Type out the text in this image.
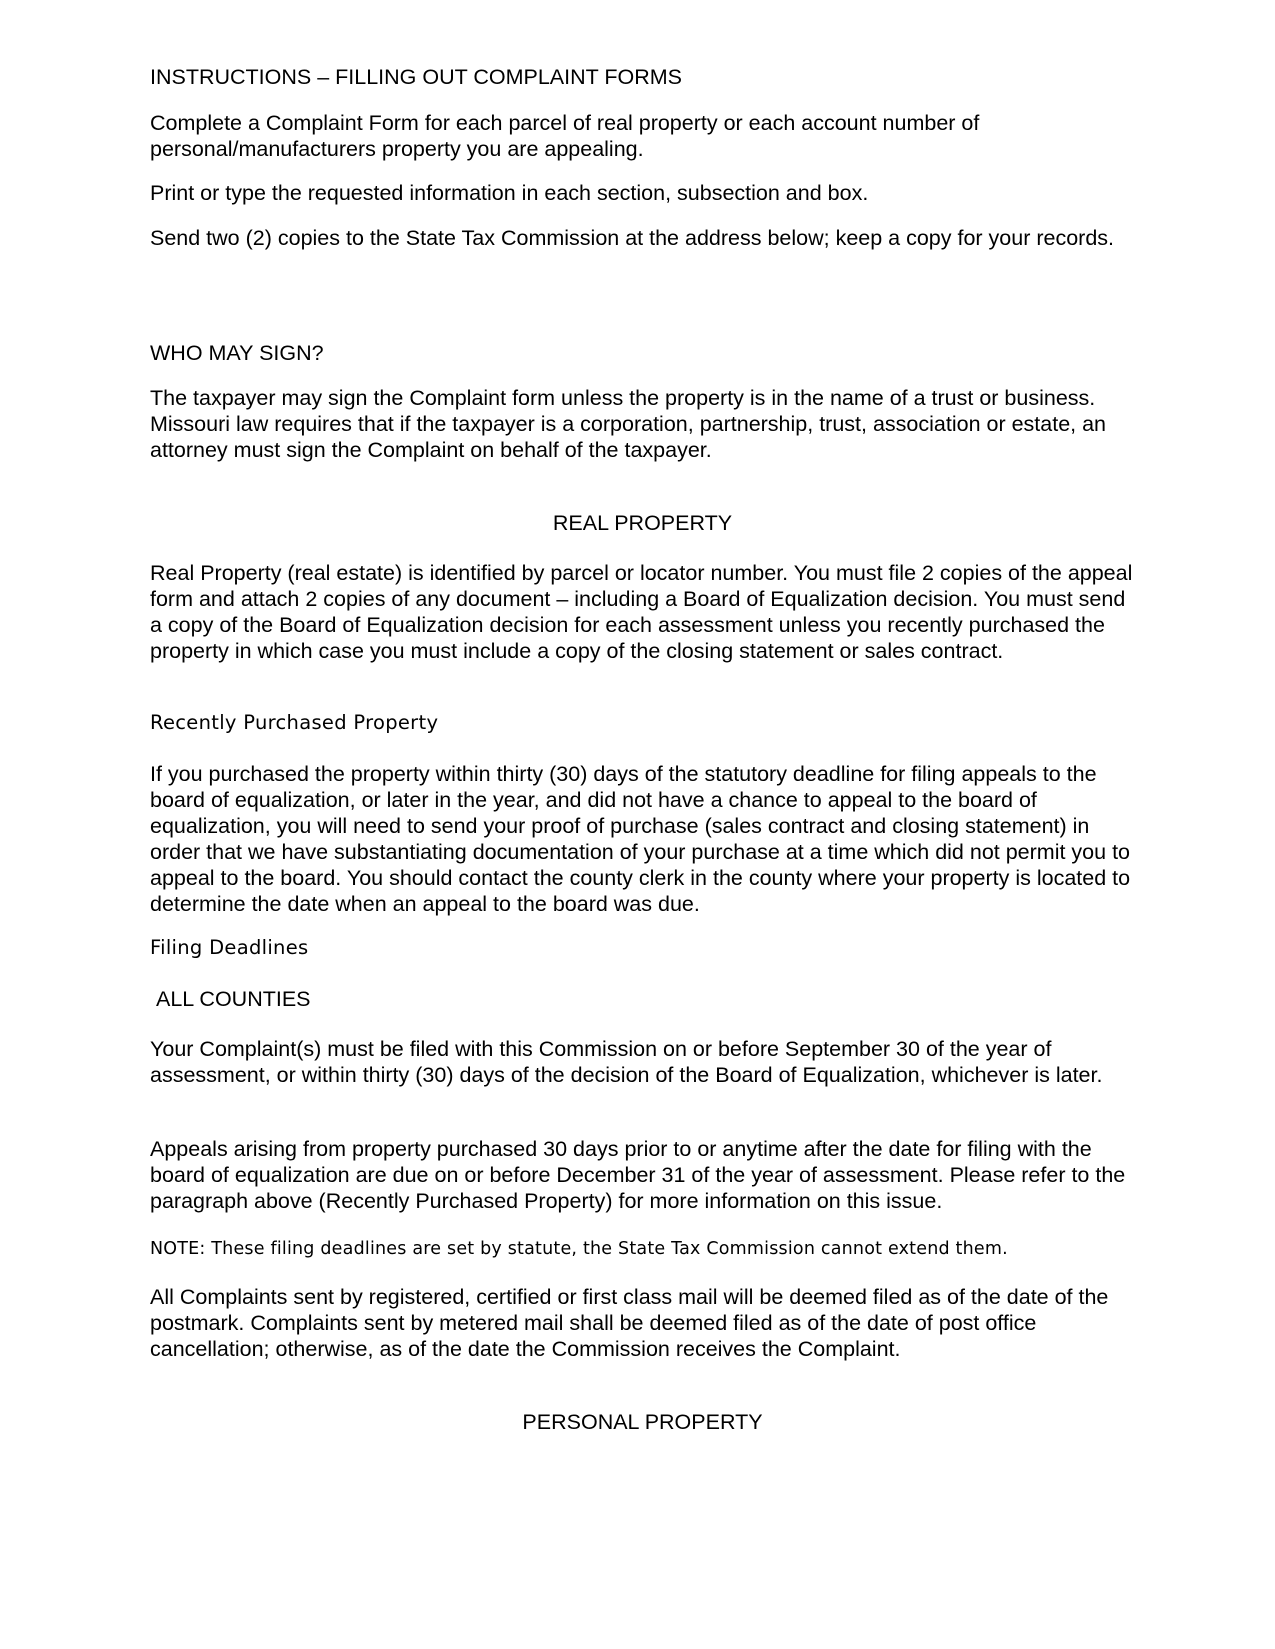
INSTRUCTIONS – FILLING OUT COMPLAINT FORMS

Complete a Complaint Form for each parcel of real property or each account number of personal/manufacturers property you are appealing.

Print or type the requested information in each section, subsection and box.

Send two (2) copies to the State Tax Commission at the address below; keep a copy for your records.

WHO MAY SIGN?

The taxpayer may sign the Complaint form unless the property is in the name of a trust or business. Missouri law requires that if the taxpayer is a corporation, partnership, trust, association or estate, an attorney must sign the Complaint on behalf of the taxpayer.

REAL PROPERTY

Real Property (real estate) is identified by parcel or locator number. You must file 2 copies of the appeal form and attach 2 copies of any document – including a Board of Equalization decision. You must send a copy of the Board of Equalization decision for each assessment unless you recently purchased the property in which case you must include a copy of the closing statement or sales contract.

Recently Purchased Property

If you purchased the property within thirty (30) days of the statutory deadline for filing appeals to the board of equalization, or later in the year, and did not have a chance to appeal to the board of equalization, you will need to send your proof of purchase (sales contract and closing statement) in order that we have substantiating documentation of your purchase at a time which did not permit you to appeal to the board. You should contact the county clerk in the county where your property is located to determine the date when an appeal to the board was due.

Filing Deadlines

ALL COUNTIES

Your Complaint(s) must be filed with this Commission on or before September 30 of the year of assessment, or within thirty (30) days of the decision of the Board of Equalization, whichever is later.

Appeals arising from property purchased 30 days prior to or anytime after the date for filing with the board of equalization are due on or before December 31 of the year of assessment. Please refer to the paragraph above (Recently Purchased Property) for more information on this issue.

NOTE: These filing deadlines are set by statute, the State Tax Commission cannot extend them.

All Complaints sent by registered, certified or first class mail will be deemed filed as of the date of the postmark. Complaints sent by metered mail shall be deemed filed as of the date of post office cancellation; otherwise, as of the date the Commission receives the Complaint.

PERSONAL PROPERTY
